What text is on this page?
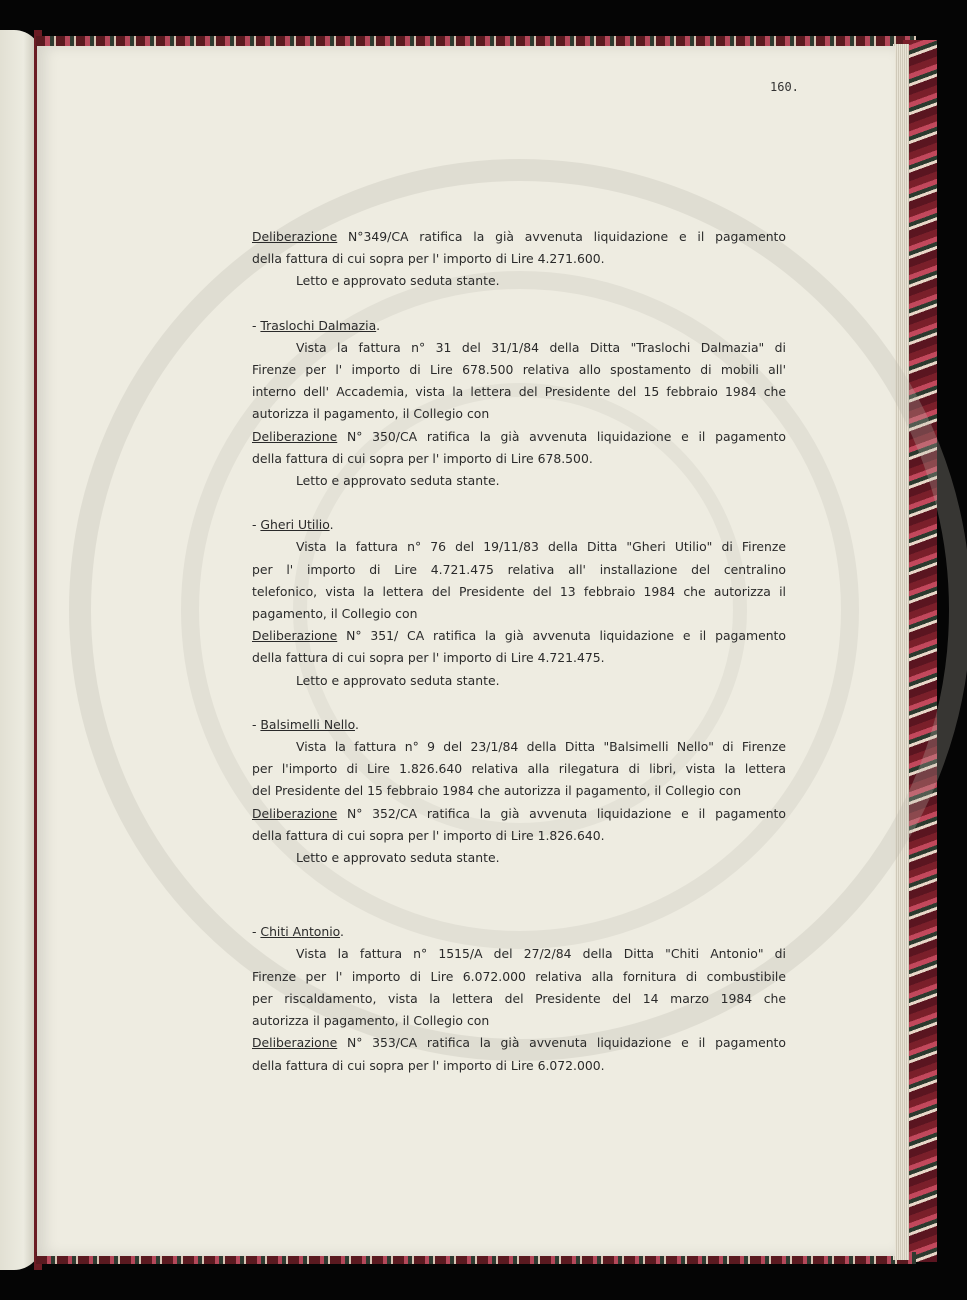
160.
Deliberazione N°349/CA ratifica la già avvenuta liquidazione e il pagamento
della fattura di cui sopra per l' importo di Lire 4.271.600.
Letto e approvato seduta stante.
- Traslochi Dalmazia.
Vista la fattura n° 31 del 31/1/84 della Ditta "Traslochi Dalmazia" di
Firenze per l' importo di Lire 678.500 relativa allo spostamento di mobili all'
interno dell' Accademia, vista la lettera del Presidente del 15 febbraio 1984 che
autorizza il pagamento, il Collegio con
Deliberazione N° 350/CA ratifica la già avvenuta liquidazione e il pagamento
della fattura di cui sopra per l' importo di Lire 678.500.
Letto e approvato seduta stante.
- Gheri Utilio.
Vista la fattura n° 76 del 19/11/83 della Ditta "Gheri Utilio" di Firenze
per l' importo di Lire 4.721.475 relativa all' installazione del centralino
telefonico, vista la lettera del Presidente del 13 febbraio 1984 che autorizza il
pagamento, il Collegio con
Deliberazione N° 351/ CA ratifica la già avvenuta liquidazione e il pagamento
della fattura di cui sopra per l' importo di Lire 4.721.475.
Letto e approvato seduta stante.
- Balsimelli Nello.
Vista la fattura n° 9 del 23/1/84 della Ditta "Balsimelli Nello" di Firenze
per l'importo di Lire 1.826.640 relativa alla rilegatura di libri, vista la lettera
del Presidente del 15 febbraio 1984 che autorizza il pagamento, il Collegio con
Deliberazione N° 352/CA ratifica la già avvenuta liquidazione e il pagamento
della fattura di cui sopra per l' importo di Lire 1.826.640.
Letto e approvato seduta stante.
- Chiti Antonio.
Vista la fattura n° 1515/A del 27/2/84 della Ditta "Chiti Antonio" di
Firenze per l' importo di Lire 6.072.000 relativa alla fornitura di combustibile
per riscaldamento, vista la lettera del Presidente del 14 marzo 1984 che
autorizza il pagamento, il Collegio con
Deliberazione N° 353/CA ratifica la già avvenuta liquidazione e il pagamento
della fattura di cui sopra per l' importo di Lire 6.072.000.
